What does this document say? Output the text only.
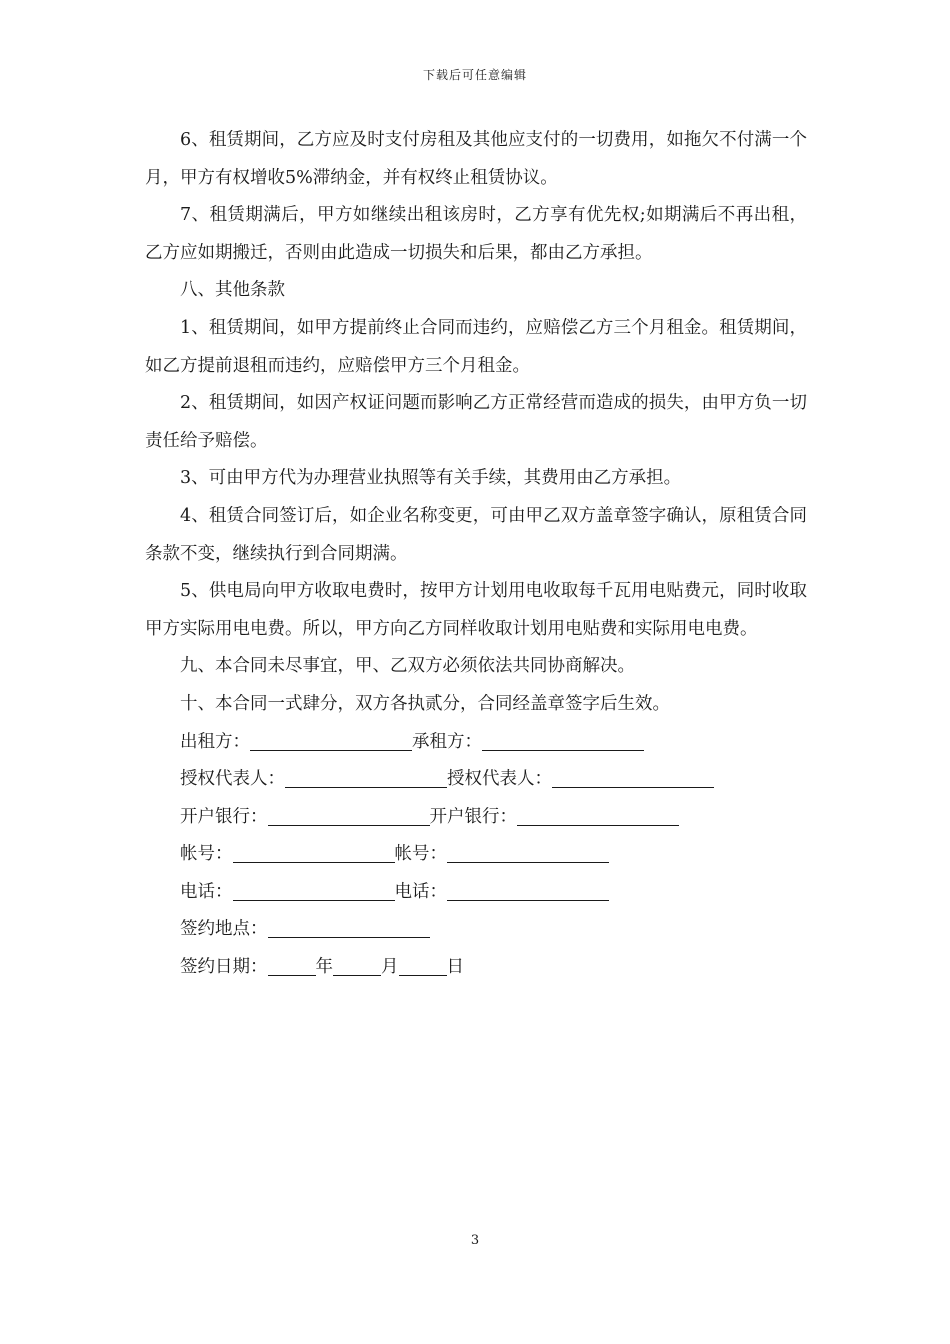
下载后可任意编辑

6、租赁期间，乙方应及时支付房租及其他应支付的一切费用，如拖欠不付满一个月，甲方有权增收5%滞纳金，并有权终止租赁协议。

7、租赁期满后，甲方如继续出租该房时，乙方享有优先权;如期满后不再出租，乙方应如期搬迁，否则由此造成一切损失和后果，都由乙方承担。

八、其他条款

1、租赁期间，如甲方提前终止合同而违约，应赔偿乙方三个月租金。租赁期间，如乙方提前退租而违约，应赔偿甲方三个月租金。

2、租赁期间，如因产权证问题而影响乙方正常经营而造成的损失，由甲方负一切责任给予赔偿。

3、可由甲方代为办理营业执照等有关手续，其费用由乙方承担。

4、租赁合同签订后，如企业名称变更，可由甲乙双方盖章签字确认，原租赁合同条款不变，继续执行到合同期满。

5、供电局向甲方收取电费时，按甲方计划用电收取每千瓦用电贴费元，同时收取甲方实际用电电费。所以，甲方向乙方同样收取计划用电贴费和实际用电电费。

九、本合同未尽事宜，甲、乙双方必须依法共同协商解决。

十、本合同一式肆分，双方各执贰分，合同经盖章签字后生效。

出租方：	承租方：

授权代表人：	授权代表人：

开户银行：	开户银行：

帐号：	帐号：

电话：	电话：

签约地点：

签约日期：	年	月	日

3
